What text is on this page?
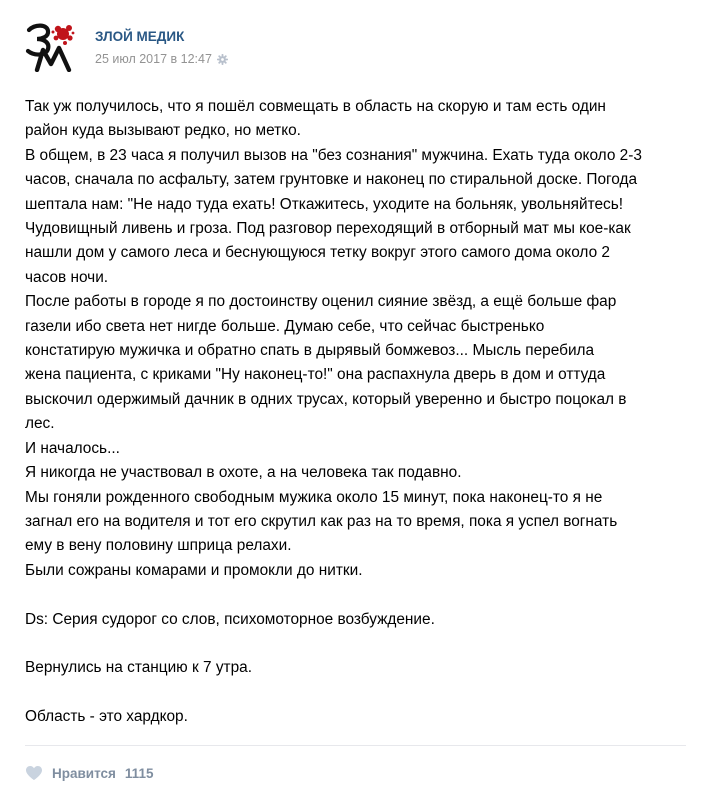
ЗЛОЙ МЕДИК
25 июл 2017 в 12:47
Так уж получилось, что я пошёл совмещать в область на скорую и там есть один
район куда вызывают редко, но метко.
В общем, в 23 часа я получил вызов на "без сознания" мужчина. Ехать туда около 2-3
часов, сначала по асфальту, затем грунтовке и наконец по стиральной доске. Погода
шептала нам: "Не надо туда ехать! Откажитесь, уходите на больняк, увольняйтесь!
Чудовищный ливень и гроза. Под разговор переходящий в отборный мат мы кое-как
нашли дом у самого леса и беснующуюся тетку вокруг этого самого дома около 2
часов ночи.
После работы в городе я по достоинству оценил сияние звёзд, а ещё больше фар
газели ибо света нет нигде больше. Думаю себе, что сейчас быстренько
констатирую мужичка и обратно спать в дырявый бомжевоз... Мысль перебила
жена пациента, с криками "Ну наконец-то!" она распахнула дверь в дом и оттуда
выскочил одержимый дачник в одних трусах, который уверенно и быстро поцокал в
лес.
И началось...
Я никогда не участвовал в охоте, а на человека так подавно.
Мы гоняли рожденного свободным мужика около 15 минут, пока наконец-то я не
загнал его на водителя и тот его скрутил как раз на то время, пока я успел вогнать
ему в вену половину шприца релахи.
Были сожраны комарами и промокли до нитки.
Ds: Серия судорог со слов, психомоторное возбуждение.
Вернулись на станцию к 7 утра.
Область - это хардкор.
Нравится 1115
